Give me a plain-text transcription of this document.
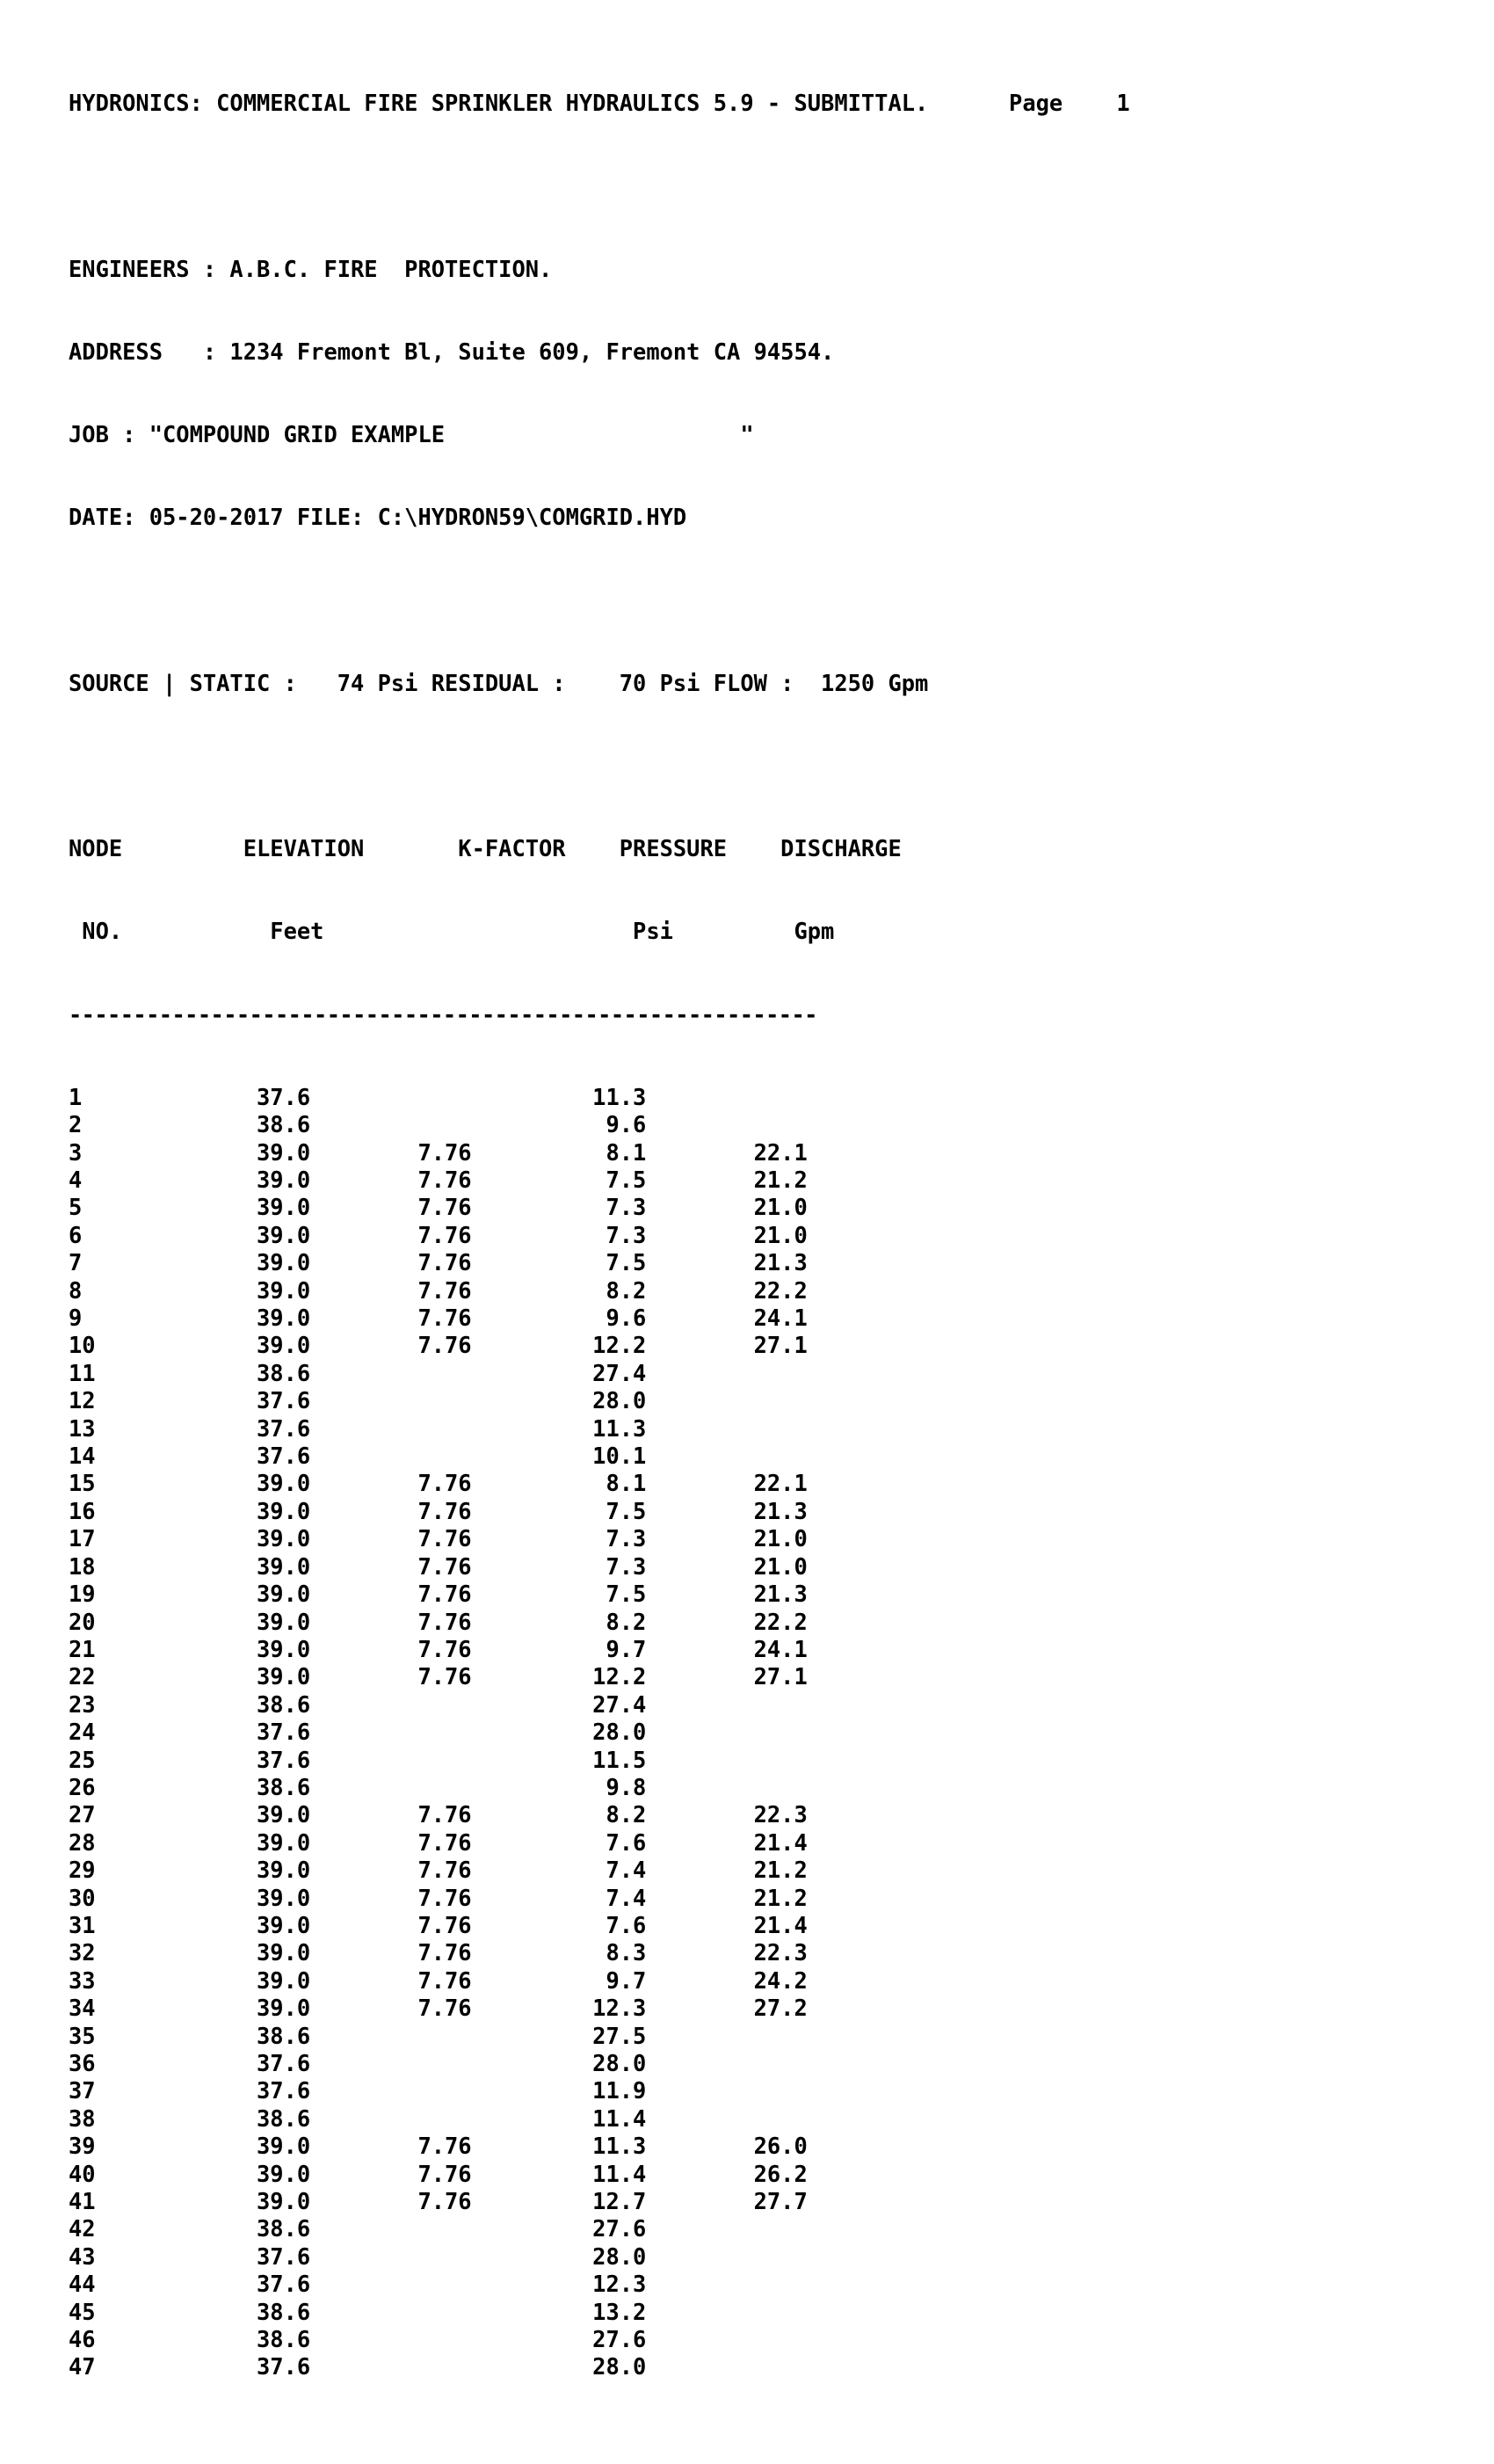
HYDRONICS: COMMERCIAL FIRE SPRINKLER HYDRAULICS 5.9 - SUBMITTAL.      Page    1

ENGINEERS : A.B.C. FIRE  PROTECTION.

ADDRESS   : 1234 Fremont Bl, Suite 609, Fremont CA 94554.

JOB : "COMPOUND GRID EXAMPLE                      "

DATE: 05-20-2017 FILE: C:\HYDRON59\COMGRID.HYD

SOURCE | STATIC :   74 Psi RESIDUAL :    70 Psi FLOW :  1250 Gpm

NODE         ELEVATION       K-FACTOR    PRESSURE    DISCHARGE

NO.           Feet                       Psi         Gpm

----------------------------------------------------------

1             37.6                     11.3
2             38.6                      9.6
3             39.0        7.76          8.1        22.1
4             39.0        7.76          7.5        21.2
5             39.0        7.76          7.3        21.0
6             39.0        7.76          7.3        21.0
7             39.0        7.76          7.5        21.3
8             39.0        7.76          8.2        22.2
9             39.0        7.76          9.6        24.1
10            39.0        7.76         12.2        27.1
11            38.6                     27.4
12            37.6                     28.0
13            37.6                     11.3
14            37.6                     10.1
15            39.0        7.76          8.1        22.1
16            39.0        7.76          7.5        21.3
17            39.0        7.76          7.3        21.0
18            39.0        7.76          7.3        21.0
19            39.0        7.76          7.5        21.3
20            39.0        7.76          8.2        22.2
21            39.0        7.76          9.7        24.1
22            39.0        7.76         12.2        27.1
23            38.6                     27.4
24            37.6                     28.0
25            37.6                     11.5
26            38.6                      9.8
27            39.0        7.76          8.2        22.3
28            39.0        7.76          7.6        21.4
29            39.0        7.76          7.4        21.2
30            39.0        7.76          7.4        21.2
31            39.0        7.76          7.6        21.4
32            39.0        7.76          8.3        22.3
33            39.0        7.76          9.7        24.2
34            39.0        7.76         12.3        27.2
35            38.6                     27.5
36            37.6                     28.0
37            37.6                     11.9
38            38.6                     11.4
39            39.0        7.76         11.3        26.0
40            39.0        7.76         11.4        26.2
41            39.0        7.76         12.7        27.7
42            38.6                     27.6
43            37.6                     28.0
44            37.6                     12.3
45            38.6                     13.2
46            38.6                     27.6
47            37.6                     28.0
